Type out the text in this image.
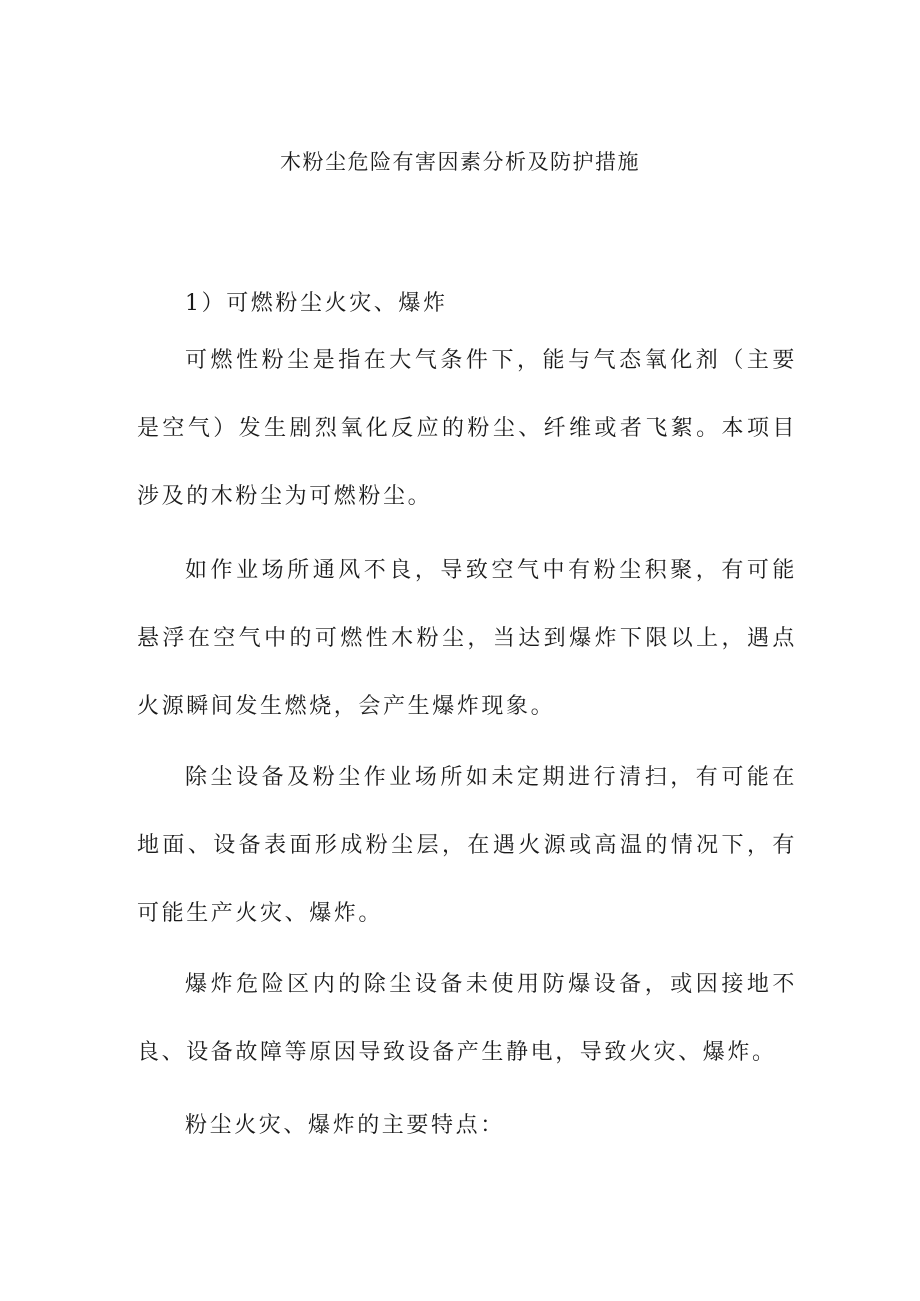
木粉尘危险有害因素分析及防护措施

1）可燃粉尘火灾、爆炸

可燃性粉尘是指在大气条件下，能与气态氧化剂（主要是空气）发生剧烈氧化反应的粉尘、纤维或者飞絮。本项目涉及的木粉尘为可燃粉尘。

如作业场所通风不良，导致空气中有粉尘积聚，有可能悬浮在空气中的可燃性木粉尘，当达到爆炸下限以上，遇点火源瞬间发生燃烧，会产生爆炸现象。

除尘设备及粉尘作业场所如未定期进行清扫，有可能在地面、设备表面形成粉尘层，在遇火源或高温的情况下，有可能生产火灾、爆炸。

爆炸危险区内的除尘设备未使用防爆设备，或因接地不良、设备故障等原因导致设备产生静电，导致火灾、爆炸。

粉尘火灾、爆炸的主要特点：
